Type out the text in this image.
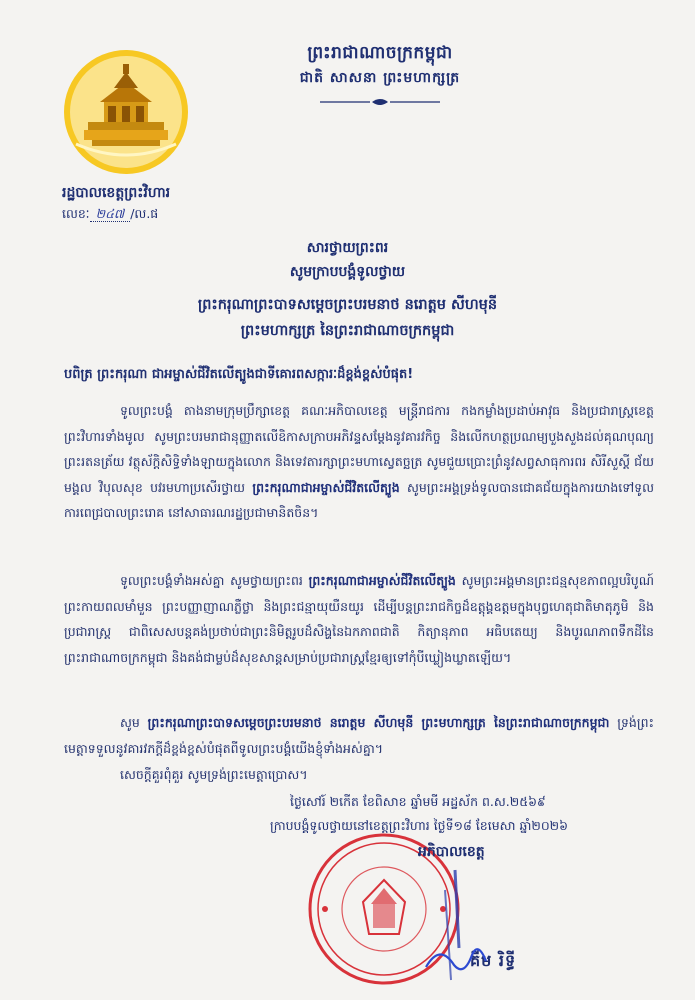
ព្រះរាជាណាចក្រកម្ពុជា
ជាតិ សាសនា ព្រះមហាក្សត្រ
រដ្ឋបាលខេត្តព្រះវិហារ
លេខៈ ២៤៧ /ល.ផ
សារថ្វាយព្រះពរ
សូមក្រាបបង្គំទូលថ្វាយ
ព្រះករុណាព្រះបាទសម្ដេចព្រះបរមនាថ នរោត្តម សីហមុនី
ព្រះមហាក្សត្រ នៃព្រះរាជាណាចក្រកម្ពុជា
បពិត្រ ព្រះករុណា ជាអម្ចាស់ជីវិតលើត្បូងជាទីគោរពសក្ការៈដ៏ខ្ពង់ខ្ពស់បំផុត!
ទូលព្រះបង្គំ តាងនាមក្រុមប្រឹក្សាខេត្ត គណៈអភិបាលខេត្ត មន្ត្រីរាជការ កងកម្លាំងប្រដាប់អាវុធ និងប្រជារាស្ត្រខេត្តព្រះវិហារទាំងមូល សូមព្រះបរមរាជានុញ្ញាតលើឧិកាសក្រាបអភិវន្ទសម្ដែងនូវគារវកិច្ច និងលើកហត្ថប្រណម្យបួងសួងដល់គុណបុណ្យព្រះរតនត្រ័យ វត្ថុស័ក្តិសិទ្ធិទាំងឡាយក្នុងលោក និងទេវតារក្សាព្រះមហាស្វេតច្ឆត្រ សូមជួយប្រោះព្រំនូវសព្វសាធុការពរ សិរីសួស្តី ជ័យមង្គល វិបុលសុខ បវរមហាប្រសើរថ្វាយ ព្រះករុណាជាអម្ចាស់ជីវិតលើត្បូង សូមព្រះអង្គទ្រង់ទូលបានជោគជ័យក្នុងការយាងទៅទូលការពេជ្របាលព្រះរោគ នៅសាធារណរដ្ឋប្រជាមានិតចិន។
ទូលព្រះបង្គំទាំងអស់គ្នា សូមថ្វាយព្រះពរ ព្រះករុណាជាអម្ចាស់ជីវិតលើត្បូង សូមព្រះអង្គមានព្រះជន្មសុខភាពល្អបរិបូណ៍ ព្រះកាយពលមាំមួន ព្រះបញ្ញាញាណភ្លឺថ្លា និងព្រះជន្មាយុយឺនយូរ ដើម្បីបន្តព្រះរាជកិច្ចដ៏ឧត្តុង្គឧត្តមក្នុងបុព្វហេតុជាតិមាតុភូមិ និងប្រជារាស្ត្រ ជាពិសេសបន្តគង់ប្រថាប់ជាព្រះនិមិត្តរូបដ៏សិង្ហនៃឯកភាពជាតិ កិត្យានុភាព អធិបតេយ្យ និងបូរណភាពទឹកដីនៃព្រះរាជាណាចក្រកម្ពុជា និងគង់ជាម្លប់ដ៏សុខសាន្តសម្រាប់ប្រជារាស្ត្រខ្មែរឲ្យទៅកុំបីឃ្លៀងឃ្លាតឡើយ។
សូម ព្រះករុណាព្រះបាទសម្ដេចព្រះបរមនាថ នរោត្តម សីហមុនី ព្រះមហាក្សត្រ នៃព្រះរាជាណាចក្រកម្ពុជា ទ្រង់ព្រះមេត្តាទទួលនូវគារវភក្តីដ៏ខ្ពង់ខ្ពស់បំផុតពីទូលព្រះបង្គំយើងខ្ញុំទាំងអស់គ្នា។
សេចក្តីគួរពុំគួរ សូមទ្រង់ព្រះមេត្តាប្រោស។
ថ្ងៃសៅរ៍ ២កើត ខែពិសាខ ឆ្នាំមមី អដ្ឋស័ក ព.ស.២៥៦៩
ក្រាបបង្គំទូលថ្វាយនៅខេត្តព្រះវិហារ ថ្ងៃទី១៨ ខែមេសា ឆ្នាំ២០២៦
អភិបាលខេត្ត
គីម រិទ្ធី
